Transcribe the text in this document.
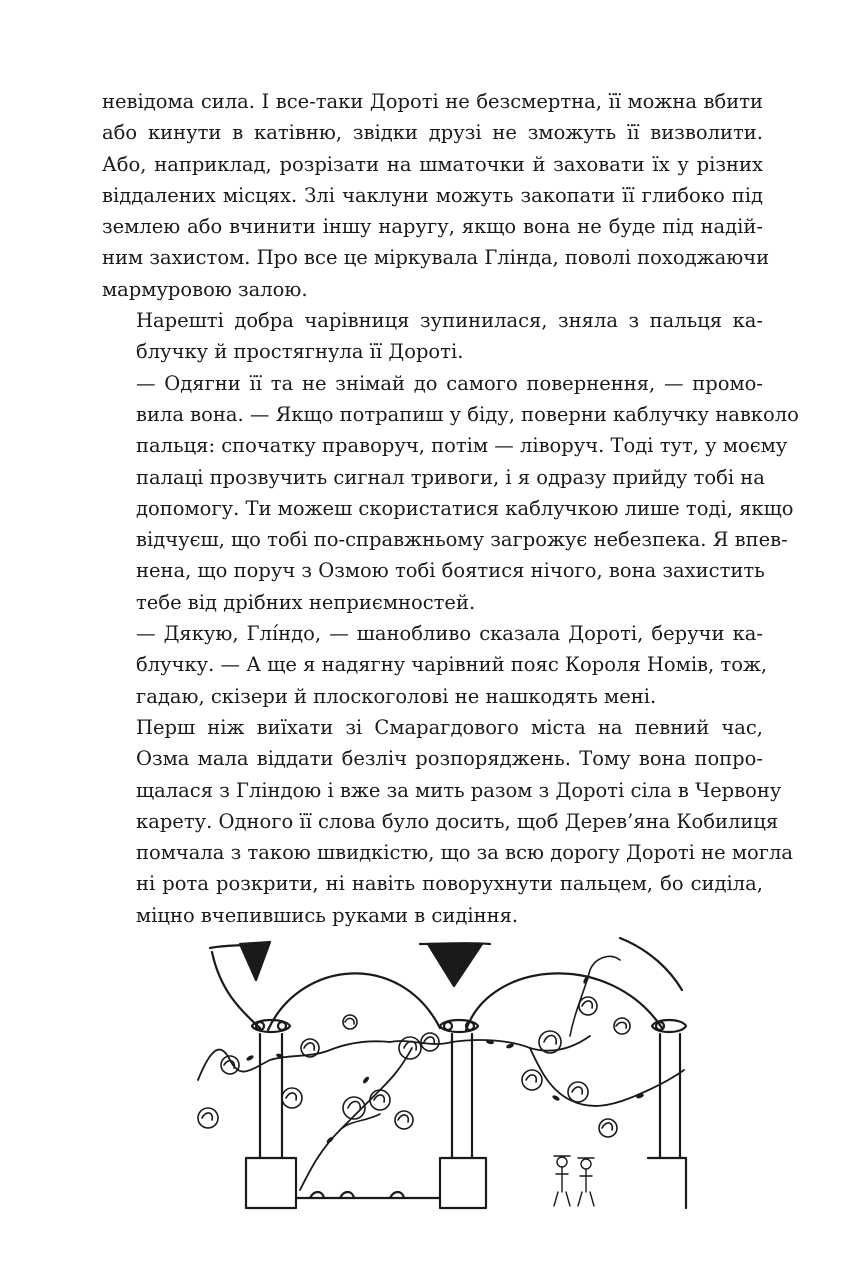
невідома сила. І все-таки Дороті не безсмертна, її можна вбити
або кинути в катівню, звідки друзі не зможуть її визволити.
Або, наприклад, розрізати на шматочки й заховати їх у різних
віддалених місцях. Злі чаклуни можуть закопати її глибоко під
землею або вчинити іншу наругу, якщо вона не буде під надій-
ним захистом. Про все це міркувала Глінда, поволі походжаючи
мармуровою залою.

Нарешті добра чарівниця зупинилася, зняла з пальця ка-
блучку й простягнула її Дороті.

— Одягни її та не знімай до самого повернення, — промо-
вила вона. — Якщо потрапиш у біду, поверни каблучку навколо
пальця: спочатку праворуч, потім — ліворуч. Тоді тут, у моєму
палаці прозвучить сигнал тривоги, і я одразу прийду тобі на
допомогу. Ти можеш скористатися каблучкою лише тоді, якщо
відчуєш, що тобі по-справжньому загрожує небезпека. Я впев-
нена, що поруч з Озмою тобі боятися нічого, вона захистить
тебе від дрібних неприємностей.

— Дякую, Глíндо, — шанобливо сказала Дороті, беручи ка-
блучку. — А ще я надягну чарівний пояс Короля Номів, тож,
гадаю, скізери й плоскоголові не нашкодять мені.

Перш ніж виїхати зі Смарагдового міста на певний час,
Озма мала віддати безліч розпоряджень. Тому вона попро-
щалася з Гліндою і вже за мить разом з Дороті сіла в Червону
карету. Одного її слова було досить, щоб Дерев’яна Кобилиця
помчала з такою швидкістю, що за всю дорогу Дороті не могла
ні рота розкрити, ні навіть поворухнути пальцем, бо сиділа,
міцно вчепившись руками в сидіння.
